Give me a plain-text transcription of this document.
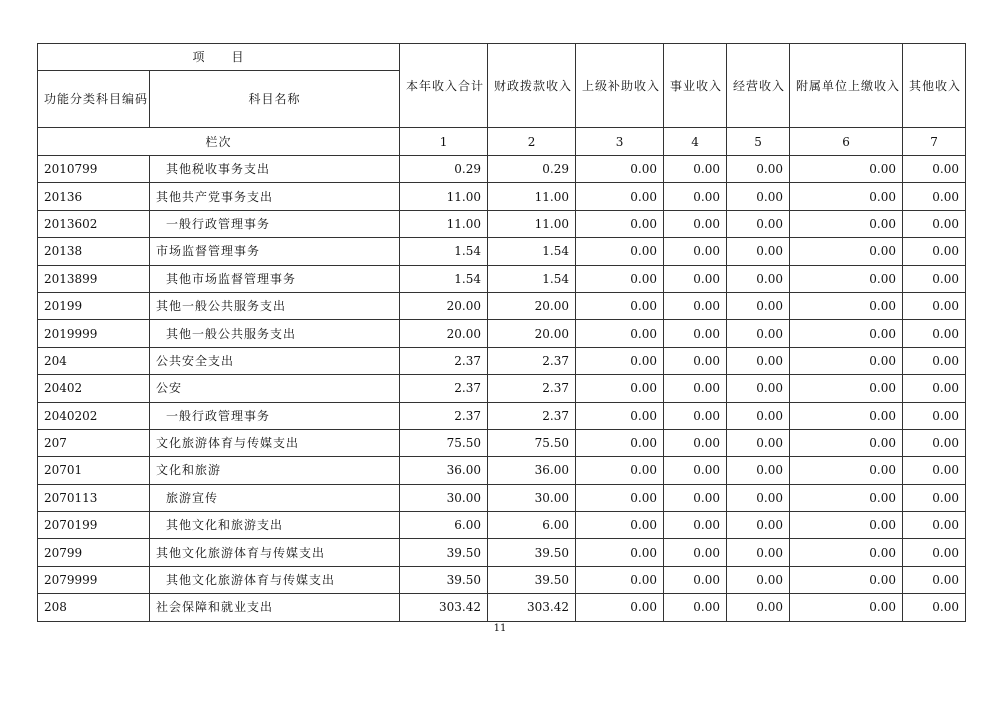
项　　目		本年收入合计	财政拨款收入	上级补助收入	事业收入	经营收入	附属单位上缴收入	其他收入
功能分类科目编码	科目名称							
栏次		1	2	3	4	5	6	7
2010799	其他税收事务支出	0.29	0.29	0.00	0.00	0.00	0.00	0.00
20136	其他共产党事务支出	11.00	11.00	0.00	0.00	0.00	0.00	0.00
2013602	一般行政管理事务	11.00	11.00	0.00	0.00	0.00	0.00	0.00
20138	市场监督管理事务	1.54	1.54	0.00	0.00	0.00	0.00	0.00
2013899	其他市场监督管理事务	1.54	1.54	0.00	0.00	0.00	0.00	0.00
20199	其他一般公共服务支出	20.00	20.00	0.00	0.00	0.00	0.00	0.00
2019999	其他一般公共服务支出	20.00	20.00	0.00	0.00	0.00	0.00	0.00
204	公共安全支出	2.37	2.37	0.00	0.00	0.00	0.00	0.00
20402	公安	2.37	2.37	0.00	0.00	0.00	0.00	0.00
2040202	一般行政管理事务	2.37	2.37	0.00	0.00	0.00	0.00	0.00
207	文化旅游体育与传媒支出	75.50	75.50	0.00	0.00	0.00	0.00	0.00
20701	文化和旅游	36.00	36.00	0.00	0.00	0.00	0.00	0.00
2070113	旅游宣传	30.00	30.00	0.00	0.00	0.00	0.00	0.00
2070199	其他文化和旅游支出	6.00	6.00	0.00	0.00	0.00	0.00	0.00
20799	其他文化旅游体育与传媒支出	39.50	39.50	0.00	0.00	0.00	0.00	0.00
2079999	其他文化旅游体育与传媒支出	39.50	39.50	0.00	0.00	0.00	0.00	0.00
208	社会保障和就业支出	303.42	303.42	0.00	0.00	0.00	0.00	0.00
11
